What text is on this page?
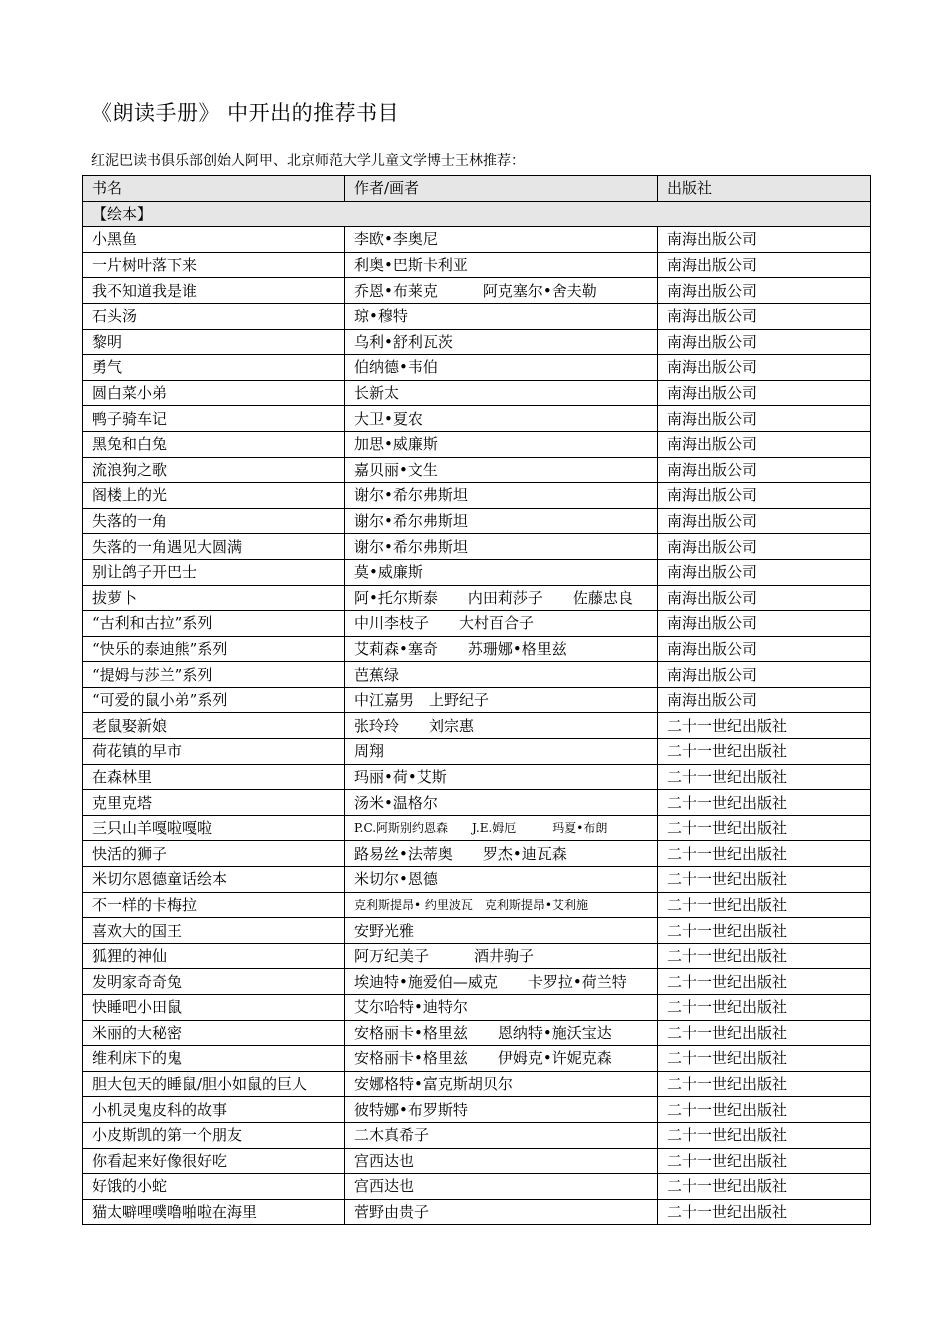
《朗读手册》 中开出的推荐书目
红泥巴读书俱乐部创始人阿甲、北京师范大学儿童文学博士王林推荐：
书名	作者/画者	出版社
【绘本】		
小黑鱼	李欧•李奥尼	南海出版公司
一片树叶落下来	利奥•巴斯卡利亚	南海出版公司
我不知道我是谁	乔恩•布莱克　　　阿克塞尔•舍夫勒	南海出版公司
石头汤	琼•穆特	南海出版公司
黎明	乌利•舒利瓦茨	南海出版公司
勇气	伯纳德•韦伯	南海出版公司
圆白菜小弟	长新太	南海出版公司
鸭子骑车记	大卫•夏农	南海出版公司
黑兔和白兔	加思•威廉斯	南海出版公司
流浪狗之歌	嘉贝丽•文生	南海出版公司
阁楼上的光	谢尔•希尔弗斯坦	南海出版公司
失落的一角	谢尔•希尔弗斯坦	南海出版公司
失落的一角遇见大圆满	谢尔•希尔弗斯坦	南海出版公司
别让鸽子开巴士	莫•威廉斯	南海出版公司
拔萝卜	阿•托尔斯泰　　内田莉莎子　　佐藤忠良	南海出版公司
“古利和古拉”系列	中川李枝子　　大村百合子	南海出版公司
“快乐的泰迪熊”系列	艾莉森•塞奇　　苏珊娜•格里兹	南海出版公司
“提姆与莎兰”系列	芭蕉绿	南海出版公司
“可爱的鼠小弟”系列	中江嘉男　上野纪子	南海出版公司
老鼠娶新娘	张玲玲　　刘宗惠	二十一世纪出版社
荷花镇的早市	周翔	二十一世纪出版社
在森林里	玛丽•荷•艾斯	二十一世纪出版社
克里克塔	汤米•温格尔	二十一世纪出版社
三只山羊嘎啦嘎啦	P.C.阿斯别约恩森　　J.E.姆厄　　　玛夏•布朗	二十一世纪出版社
快活的狮子	路易丝•法蒂奥　　罗杰•迪瓦森	二十一世纪出版社
米切尔恩德童话绘本	米切尔•恩德	二十一世纪出版社
不一样的卡梅拉	克利斯提昂• 约里波瓦　克利斯提昂•艾利施	二十一世纪出版社
喜欢大的国王	安野光雅	二十一世纪出版社
狐狸的神仙	阿万纪美子　　　酒井驹子	二十一世纪出版社
发明家奇奇兔	埃迪特•施爱伯—威克　　卡罗拉•荷兰特	二十一世纪出版社
快睡吧小田鼠	艾尔哈特•迪特尔	二十一世纪出版社
米丽的大秘密	安格丽卡•格里兹　　恩纳特•施沃宝达	二十一世纪出版社
维利床下的鬼	安格丽卡•格里兹　　伊姆克•许妮克森	二十一世纪出版社
胆大包天的睡鼠/胆小如鼠的巨人	安娜格特•富克斯胡贝尔	二十一世纪出版社
小机灵鬼皮科的故事	彼特娜•布罗斯特	二十一世纪出版社
小皮斯凯的第一个朋友	二木真希子	二十一世纪出版社
你看起来好像很好吃	宫西达也	二十一世纪出版社
好饿的小蛇	宫西达也	二十一世纪出版社
猫太噼哩噗噜啪啦在海里	菅野由贵子	二十一世纪出版社
